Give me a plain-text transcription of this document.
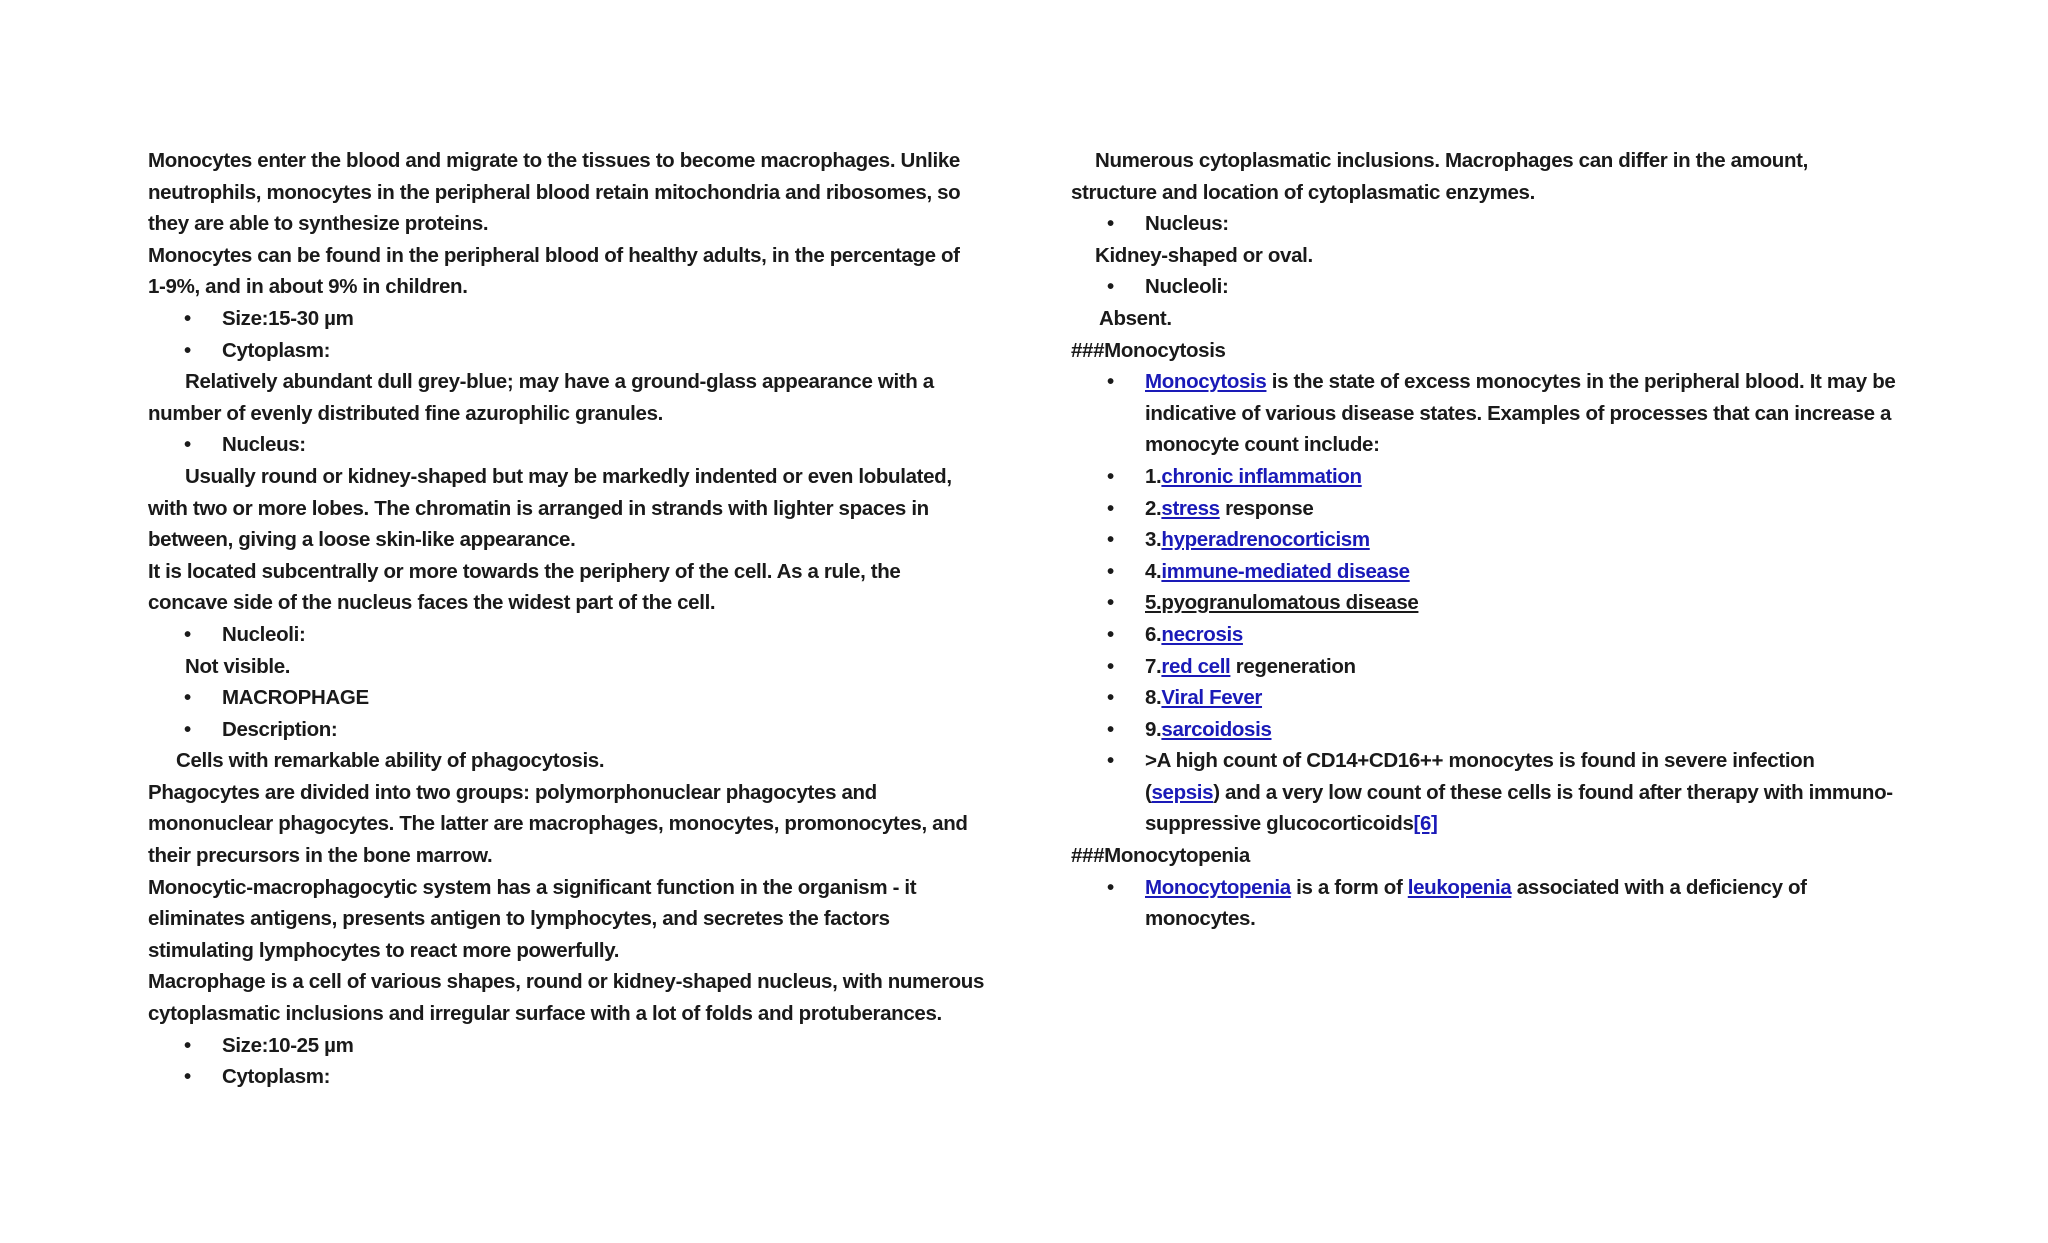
Monocytes enter the blood and migrate to the tissues to become macrophages. Unlike
neutrophils, monocytes in the peripheral blood retain mitochondria and ribosomes, so
they are able to synthesize proteins.
Monocytes can be found in the peripheral blood of healthy adults, in the percentage of
1-9%, and in about 9% in children.
• Size:15-30 µm
• Cytoplasm:
Relatively abundant dull grey-blue; may have a ground-glass appearance with a
number of evenly distributed fine azurophilic granules.
• Nucleus:
Usually round or kidney-shaped but may be markedly indented or even lobulated,
with two or more lobes. The chromatin is arranged in strands with lighter spaces in
between, giving a loose skin-like appearance.
It is located subcentrally or more towards the periphery of the cell. As a rule, the
concave side of the nucleus faces the widest part of the cell.
• Nucleoli:
Not visible.
• MACROPHAGE
• Description:
Cells with remarkable ability of phagocytosis.
Phagocytes are divided into two groups: polymorphonuclear phagocytes and
mononuclear phagocytes. The latter are macrophages, monocytes, promonocytes, and
their precursors in the bone marrow.
Monocytic-macrophagocytic system has a significant function in the organism - it
eliminates antigens, presents antigen to lymphocytes, and secretes the factors
stimulating lymphocytes to react more powerfully.
Macrophage is a cell of various shapes, round or kidney-shaped nucleus, with numerous
cytoplasmatic inclusions and irregular surface with a lot of folds and protuberances.
• Size:10-25 µm
• Cytoplasm:
Numerous cytoplasmatic inclusions. Macrophages can differ in the amount,
structure and location of cytoplasmatic enzymes.
• Nucleus:
Kidney-shaped or oval.
• Nucleoli:
Absent.
###Monocytosis
• Monocytosis is the state of excess monocytes in the peripheral blood. It may be
indicative of various disease states. Examples of processes that can increase a
monocyte count include:
• 1.chronic inflammation
• 2.stress response
• 3.hyperadrenocorticism
• 4.immune-mediated disease
• 5.pyogranulomatous disease
• 6.necrosis
• 7.red cell regeneration
• 8.Viral Fever
• 9.sarcoidosis
• >A high count of CD14+CD16++ monocytes is found in severe infection
(sepsis) and a very low count of these cells is found after therapy with immuno-
suppressive glucocorticoids[6]
###Monocytopenia
• Monocytopenia is a form of leukopenia associated with a deficiency of
monocytes.
